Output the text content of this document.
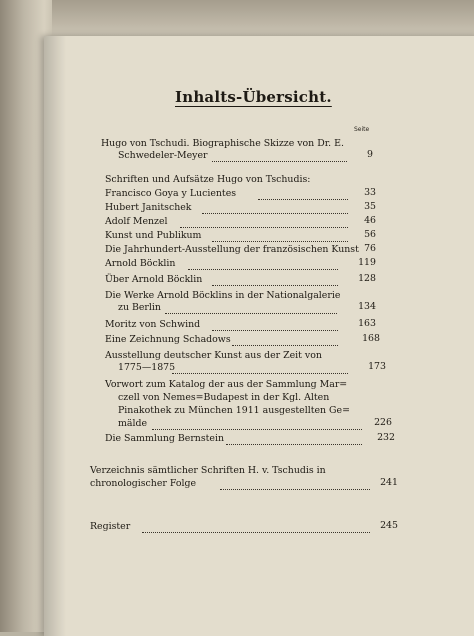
Inhalts-Übersicht.
Seite
Hugo von Tschudi. Biographische Skizze von Dr. E.
Schwedeler-Meyer	9
Schriften und Aufsätze Hugo von Tschudis:
Francisco Goya y Lucientes	33
Hubert Janitschek	35
Adolf Menzel	46
Kunst und Publikum	56
Die Jahrhundert-Ausstellung der französischen Kunst 76
Arnold Böcklin	119
Über Arnold Böcklin	128
Die Werke Arnold Böcklins in der Nationalgalerie
zu Berlin	134
Moritz von Schwind	163
Eine Zeichnung Schadows	168
Ausstellung deutscher Kunst aus der Zeit von
1775—1875	173
Vorwort zum Katalog der aus der Sammlung Mar=
czell von Nemes=Budapest in der Kgl. Alten
Pinakothek zu München 1911 ausgestellten Ge=
mälde	226
Die Sammlung Bernstein	232
Verzeichnis sämtlicher Schriften H. v. Tschudis in
chronologischer Folge	241
Register	245
